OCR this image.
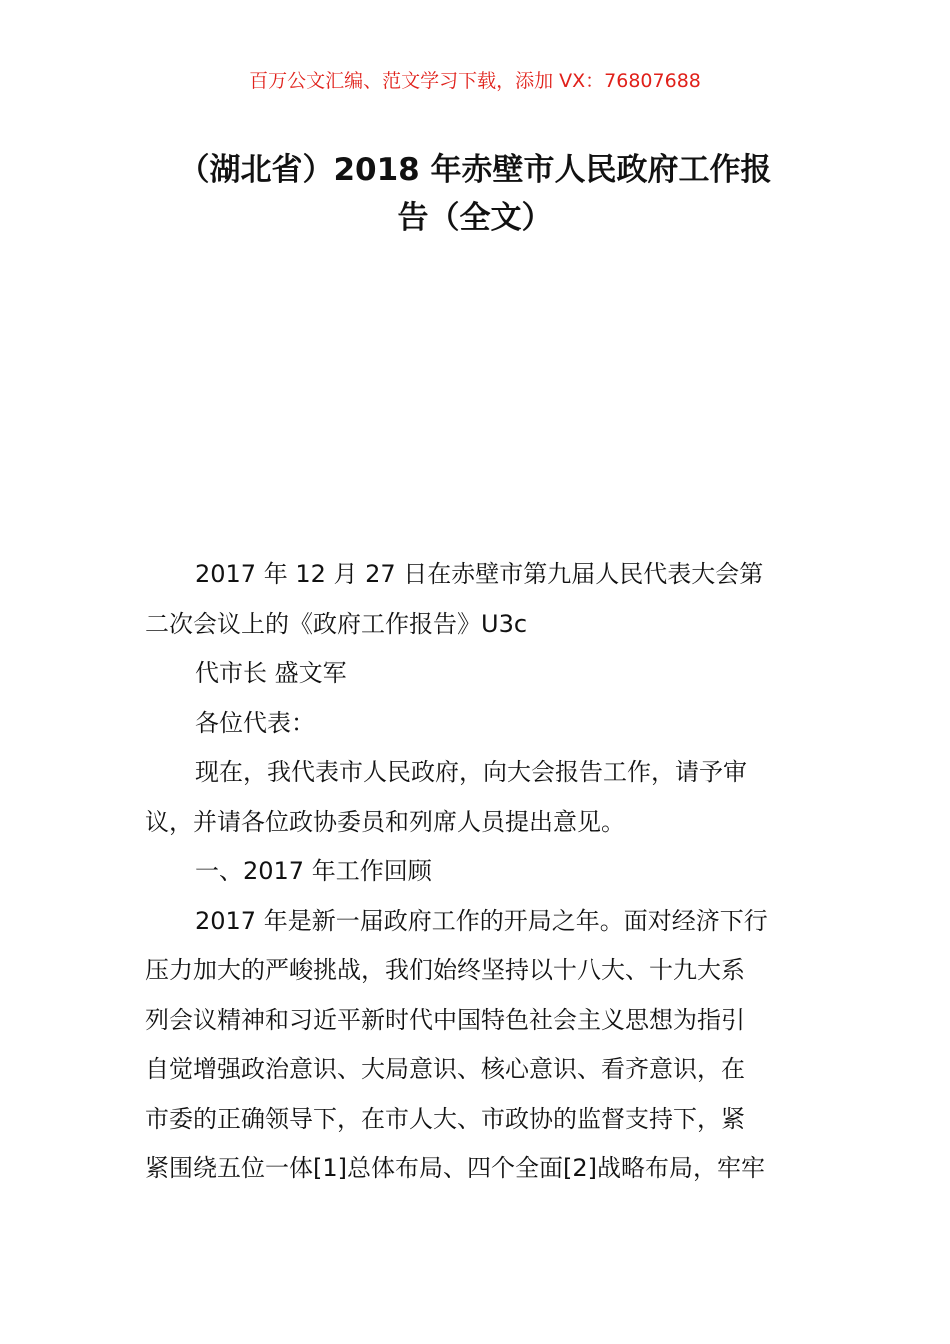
百万公文汇编、范文学习下载，添加 VX：76807688
（湖北省）2018 年赤壁市人民政府工作报
告（全文）
2017 年 12 月 27 日在赤壁市第九届人民代表大会第
二次会议上的《政府工作报告》U3c
代市长 盛文军
各位代表：
现在，我代表市人民政府，向大会报告工作，请予审
议，并请各位政协委员和列席人员提出意见。
一、2017 年工作回顾
2017 年是新一届政府工作的开局之年。面对经济下行
压力加大的严峻挑战，我们始终坚持以十八大、十九大系
列会议精神和习近平新时代中国特色社会主义思想为指引
自觉增强政治意识、大局意识、核心意识、看齐意识，在
市委的正确领导下，在市人大、市政协的监督支持下，紧
紧围绕五位一体[1]总体布局、四个全面[2]战略布局，牢牢
